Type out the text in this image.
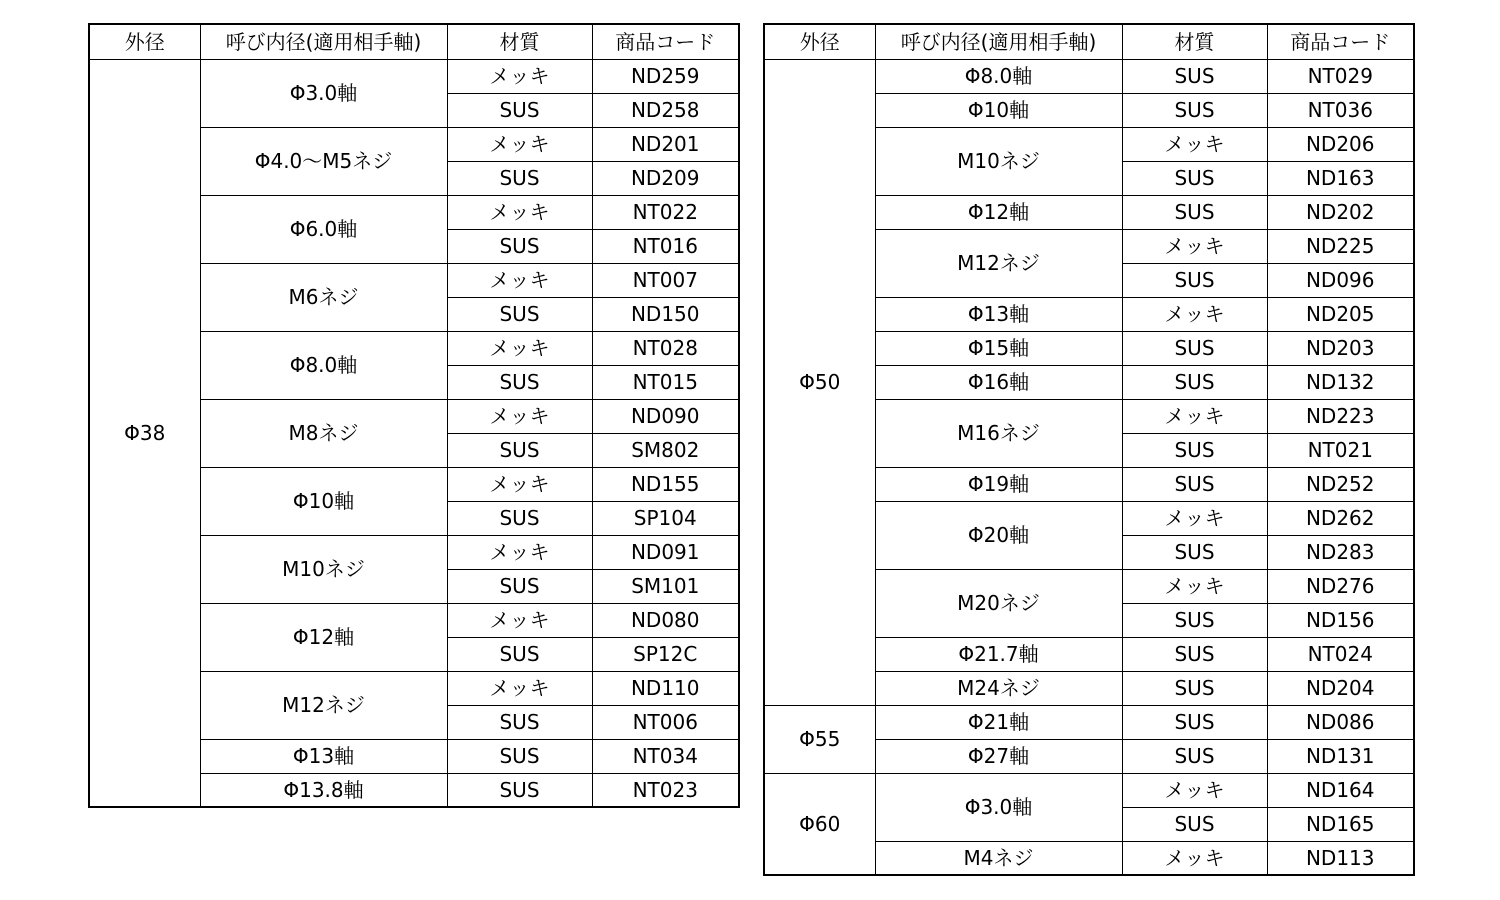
外径	呼び内径(適用相手軸)	材質	商品コード
Φ38	Φ3.0軸	メッキ	ND259
		SUS	ND258
	Φ4.0～M5ネジ	メッキ	ND201
		SUS	ND209
	Φ6.0軸	メッキ	NT022
		SUS	NT016
	M6ネジ	メッキ	NT007
		SUS	ND150
	Φ8.0軸	メッキ	NT028
		SUS	NT015
	M8ネジ	メッキ	ND090
		SUS	SM802
	Φ10軸	メッキ	ND155
		SUS	SP104
	M10ネジ	メッキ	ND091
		SUS	SM101
	Φ12軸	メッキ	ND080
		SUS	SP12C
	M12ネジ	メッキ	ND110
		SUS	NT006
	Φ13軸	SUS	NT034
	Φ13.8軸	SUS	NT023
外径	呼び内径(適用相手軸)	材質	商品コード
Φ50	Φ8.0軸	SUS	NT029
	Φ10軸	SUS	NT036
	M10ネジ	メッキ	ND206
		SUS	ND163
	Φ12軸	SUS	ND202
	M12ネジ	メッキ	ND225
		SUS	ND096
	Φ13軸	メッキ	ND205
	Φ15軸	SUS	ND203
	Φ16軸	SUS	ND132
	M16ネジ	メッキ	ND223
		SUS	NT021
	Φ19軸	SUS	ND252
	Φ20軸	メッキ	ND262
		SUS	ND283
	M20ネジ	メッキ	ND276
		SUS	ND156
	Φ21.7軸	SUS	NT024
	M24ネジ	SUS	ND204
Φ55	Φ21軸	SUS	ND086
	Φ27軸	SUS	ND131
Φ60	Φ3.0軸	メッキ	ND164
		SUS	ND165
	M4ネジ	メッキ	ND113
